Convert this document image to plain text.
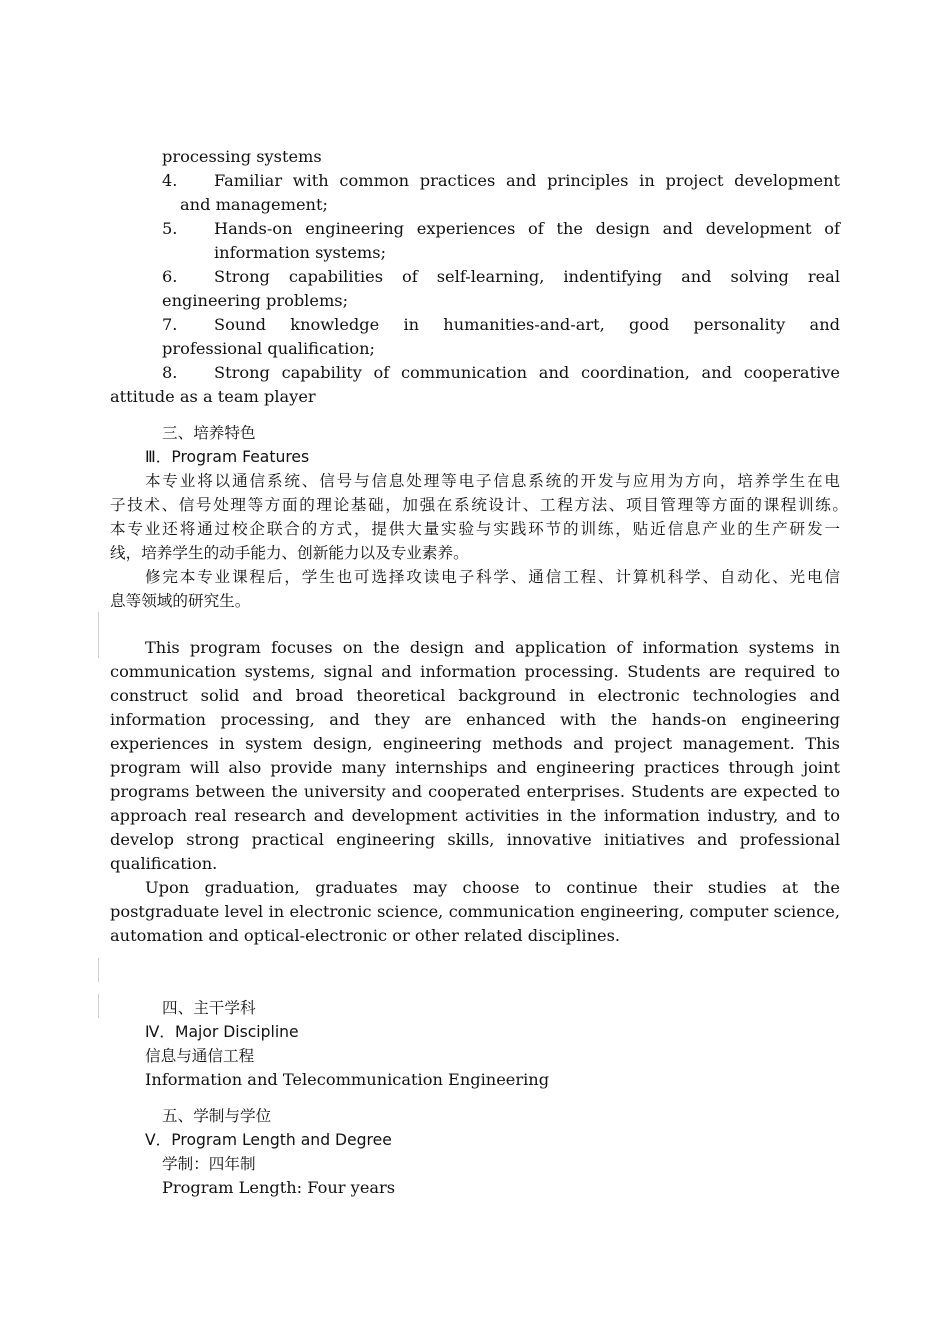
processing systems
4. Familiar with common practices and principles in project development
and management;
5. Hands-on engineering experiences of the design and development of
information systems;
6. Strong capabilities of self-learning, indentifying and solving real
engineering problems;
7. Sound knowledge in humanities-and-art, good personality and
professional qualification;
8. Strong capability of communication and coordination, and cooperative
attitude as a team player
三、培养特色
Ⅲ．Program Features
本专业将以通信系统、信号与信息处理等电子信息系统的开发与应用为方向，培养学生在电
子技术、信号处理等方面的理论基础，加强在系统设计、工程方法、项目管理等方面的课程训练。
本专业还将通过校企联合的方式，提供大量实验与实践环节的训练，贴近信息产业的生产研发一
线，培养学生的动手能力、创新能力以及专业素养。
修完本专业课程后，学生也可选择攻读电子科学、通信工程、计算机科学、自动化、光电信
息等领域的研究生。

This program focuses on the design and application of information systems in communication systems, signal and information processing. Students are required to construct solid and broad theoretical background in electronic technologies and information processing, and they are enhanced with the hands-on engineering experiences in system design, engineering methods and project management. This program will also provide many internships and engineering practices through joint programs between the university and cooperated enterprises. Students are expected to approach real research and development activities in the information industry, and to develop strong practical engineering skills, innovative initiatives and professional qualification.

Upon graduation, graduates may choose to continue their studies at the postgraduate level in electronic science, communication engineering, computer science, automation and optical-electronic or other related disciplines.

四、主干学科
Ⅳ．Major Discipline
信息与通信工程
Information and Telecommunication Engineering
五、学制与学位
Ⅴ．Program Length and Degree
学制：四年制
Program Length: Four years
